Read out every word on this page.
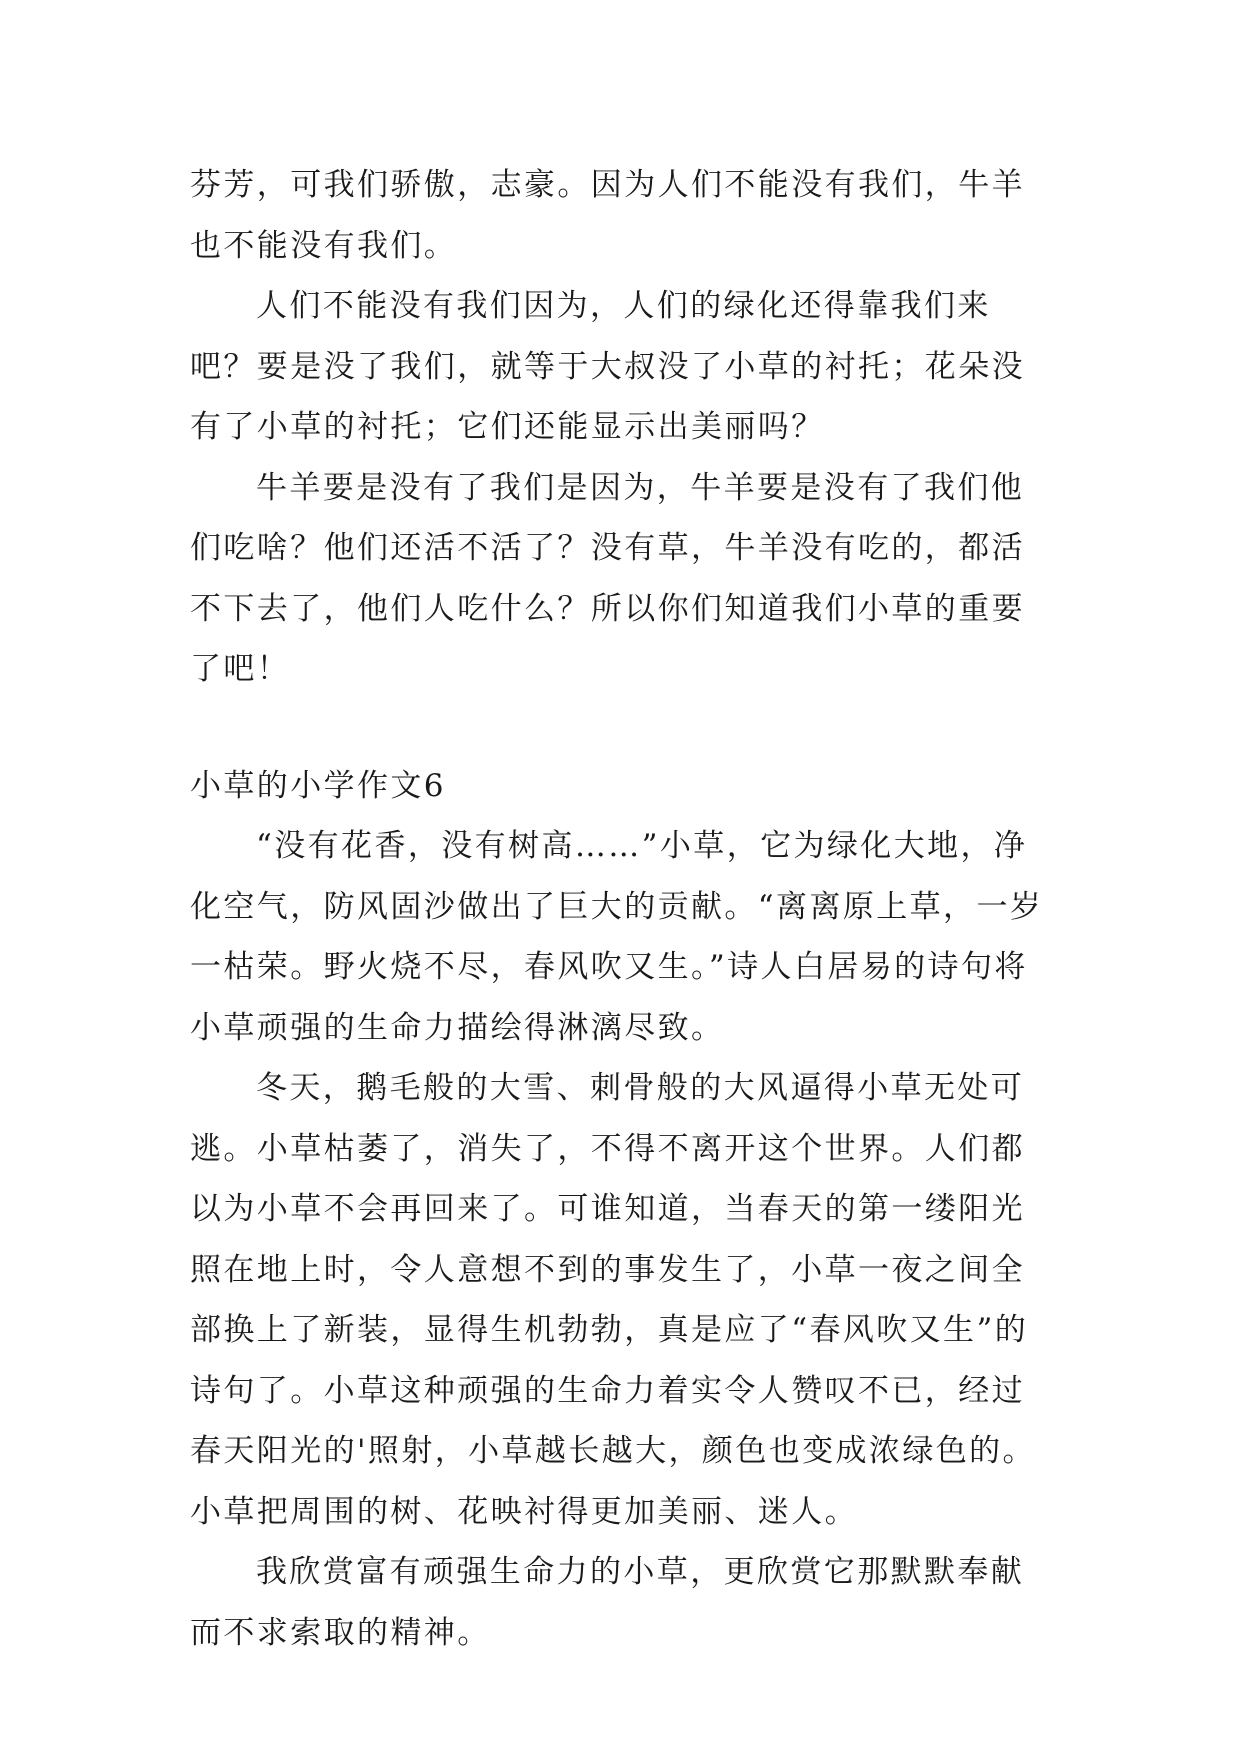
芬芳，可我们骄傲，志豪。因为人们不能没有我们，牛羊也不能没有我们。

人们不能没有我们因为，人们的绿化还得靠我们来吧？要是没了我们，就等于大叔没了小草的衬托；花朵没有了小草的衬托；它们还能显示出美丽吗？

牛羊要是没有了我们是因为，牛羊要是没有了我们他们吃啥？他们还活不活了？没有草，牛羊没有吃的，都活不下去了，他们人吃什么？所以你们知道我们小草的重要了吧！

小草的小学作文6

“没有花香，没有树高……”小草，它为绿化大地，净化空气，防风固沙做出了巨大的贡献。“离离原上草，一岁一枯荣。野火烧不尽，春风吹又生。”诗人白居易的诗句将小草顽强的生命力描绘得淋漓尽致。

冬天，鹅毛般的大雪、刺骨般的大风逼得小草无处可逃。小草枯萎了，消失了，不得不离开这个世界。人们都以为小草不会再回来了。可谁知道，当春天的第一缕阳光照在地上时，令人意想不到的事发生了，小草一夜之间全部换上了新装，显得生机勃勃，真是应了“春风吹又生”的诗句了。小草这种顽强的生命力着实令人赞叹不已，经过春天阳光的'照射，小草越长越大，颜色也变成浓绿色的。小草把周围的树、花映衬得更加美丽、迷人。

我欣赏富有顽强生命力的小草，更欣赏它那默默奉献而不求索取的精神。
